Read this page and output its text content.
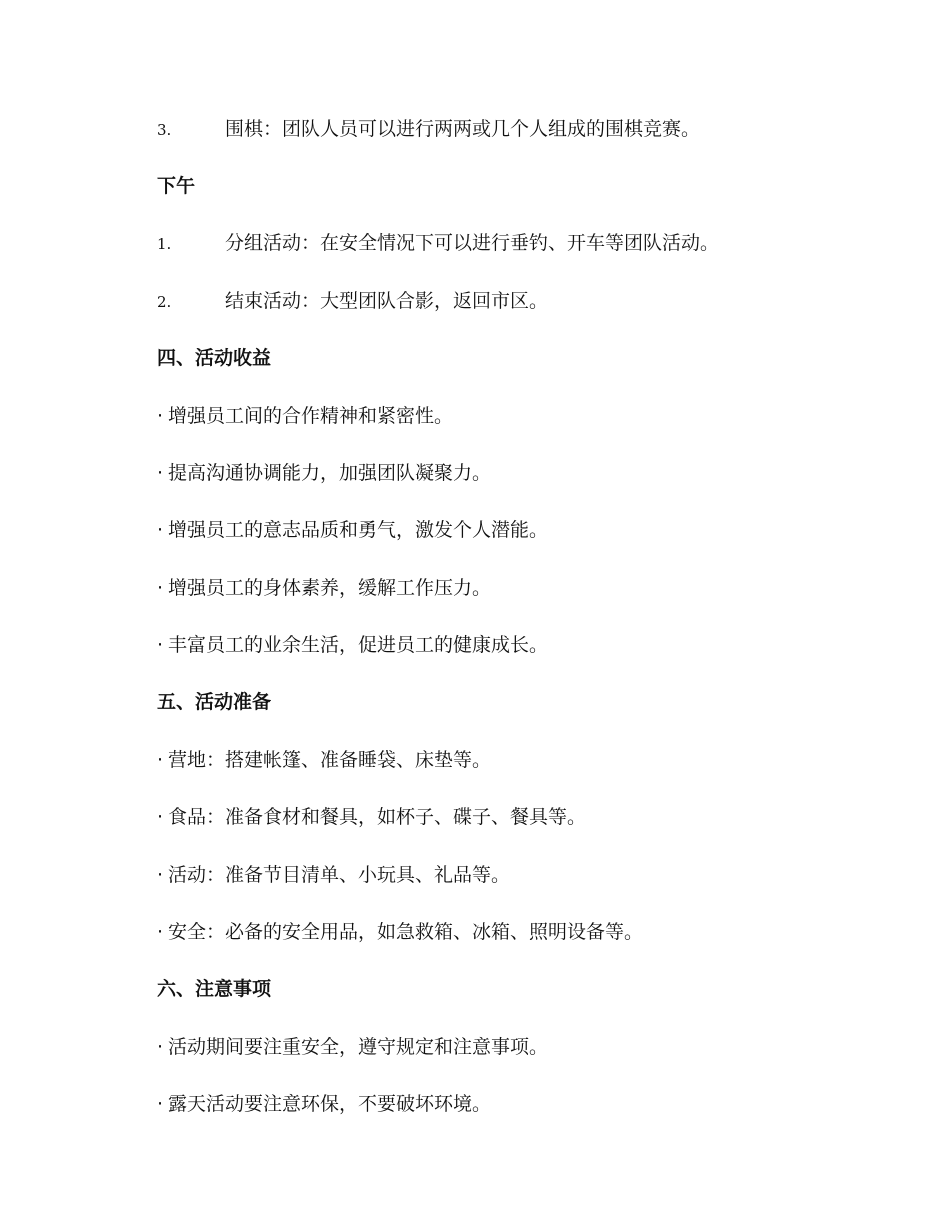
3.	围棋：团队人员可以进行两两或几个人组成的围棋竞赛。
下午
1.	分组活动：在安全情况下可以进行垂钓、开车等团队活动。
2.	结束活动：大型团队合影，返回市区。
四、活动收益
· 增强员工间的合作精神和紧密性。
· 提高沟通协调能力，加强团队凝聚力。
· 增强员工的意志品质和勇气，激发个人潜能。
· 增强员工的身体素养，缓解工作压力。
· 丰富员工的业余生活，促进员工的健康成长。
五、活动准备
· 营地：搭建帐篷、准备睡袋、床垫等。
· 食品：准备食材和餐具，如杯子、碟子、餐具等。
· 活动：准备节目清单、小玩具、礼品等。
· 安全：必备的安全用品，如急救箱、冰箱、照明设备等。
六、注意事项
· 活动期间要注重安全，遵守规定和注意事项。
· 露天活动要注意环保，不要破坏环境。
